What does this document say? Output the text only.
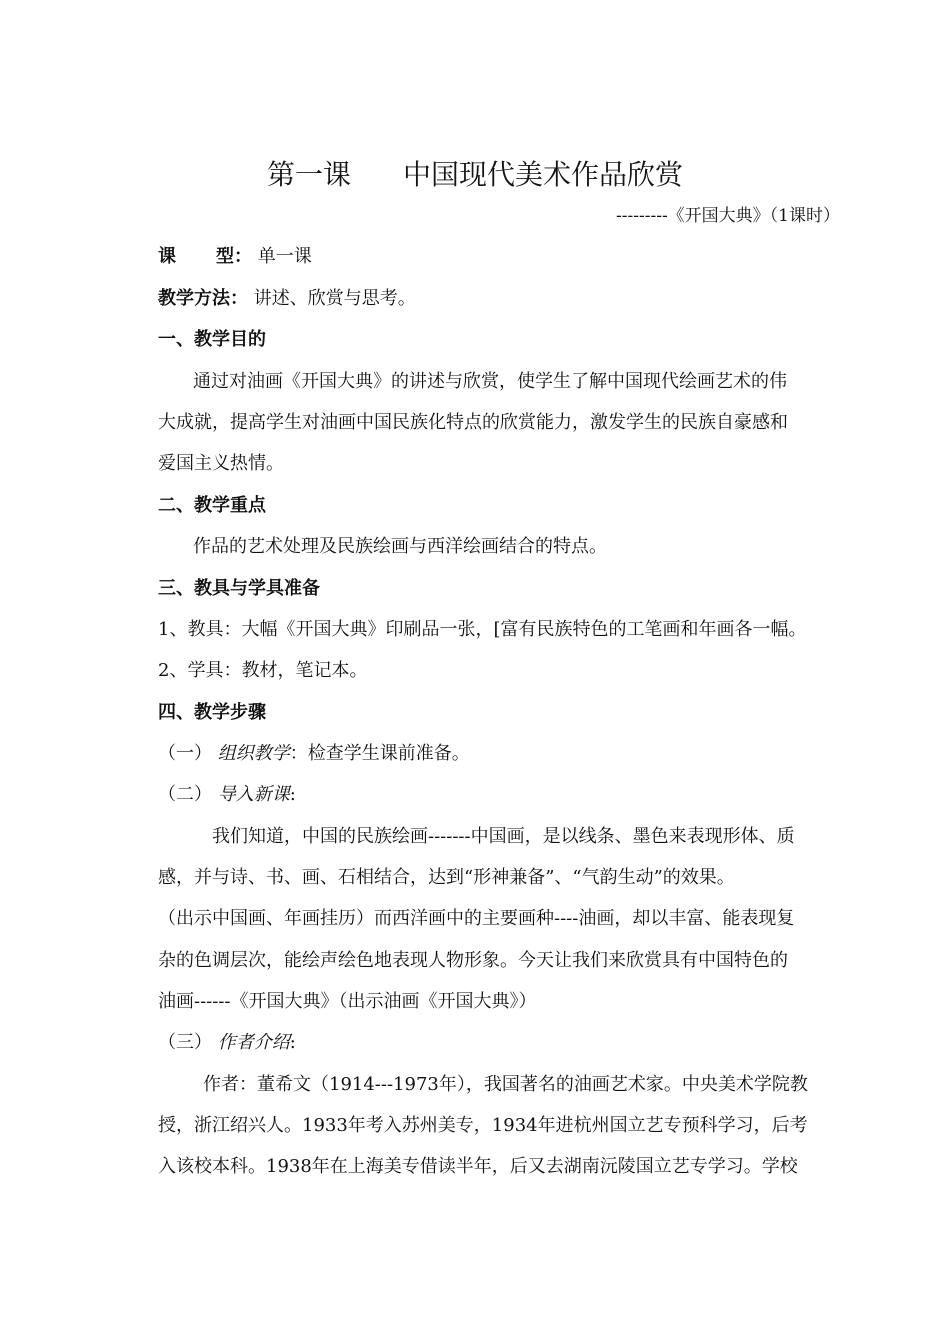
第一课 中国现代美术作品欣赏
---------《开国大典》（1课时）
课 型： 单一课
教学方法： 讲述、欣赏与思考。
一、教学目的
通过对油画《开国大典》的讲述与欣赏，使学生了解中国现代绘画艺术的伟
大成就，提高学生对油画中国民族化特点的欣赏能力，激发学生的民族自豪感和
爱国主义热情。
二、教学重点
作品的艺术处理及民族绘画与西洋绘画结合的特点。
三、教具与学具准备
1、教具：大幅《开国大典》印刷品一张，[富有民族特色的工笔画和年画各一幅。
2、学具：教材，笔记本。
四、教学步骤
（一） 组织教学：检查学生课前准备。
（二） 导入新课:
我们知道，中国的民族绘画-------中国画，是以线条、墨色来表现形体、质
感，并与诗、书、画、石相结合，达到“形神兼备”、“气韵生动”的效果。
（出示中国画、年画挂历）而西洋画中的主要画种----油画，却以丰富、能表现复
杂的色调层次，能绘声绘色地表现人物形象。今天让我们来欣赏具有中国特色的
油画------《开国大典》（出示油画《开国大典》）
（三） 作者介绍:
作者：董希文（1914---1973年），我国著名的油画艺术家。中央美术学院教
授，浙江绍兴人。1933年考入苏州美专，1934年进杭州国立艺专预科学习，后考
入该校本科。1938年在上海美专借读半年，后又去湖南沅陵国立艺专学习。学校
